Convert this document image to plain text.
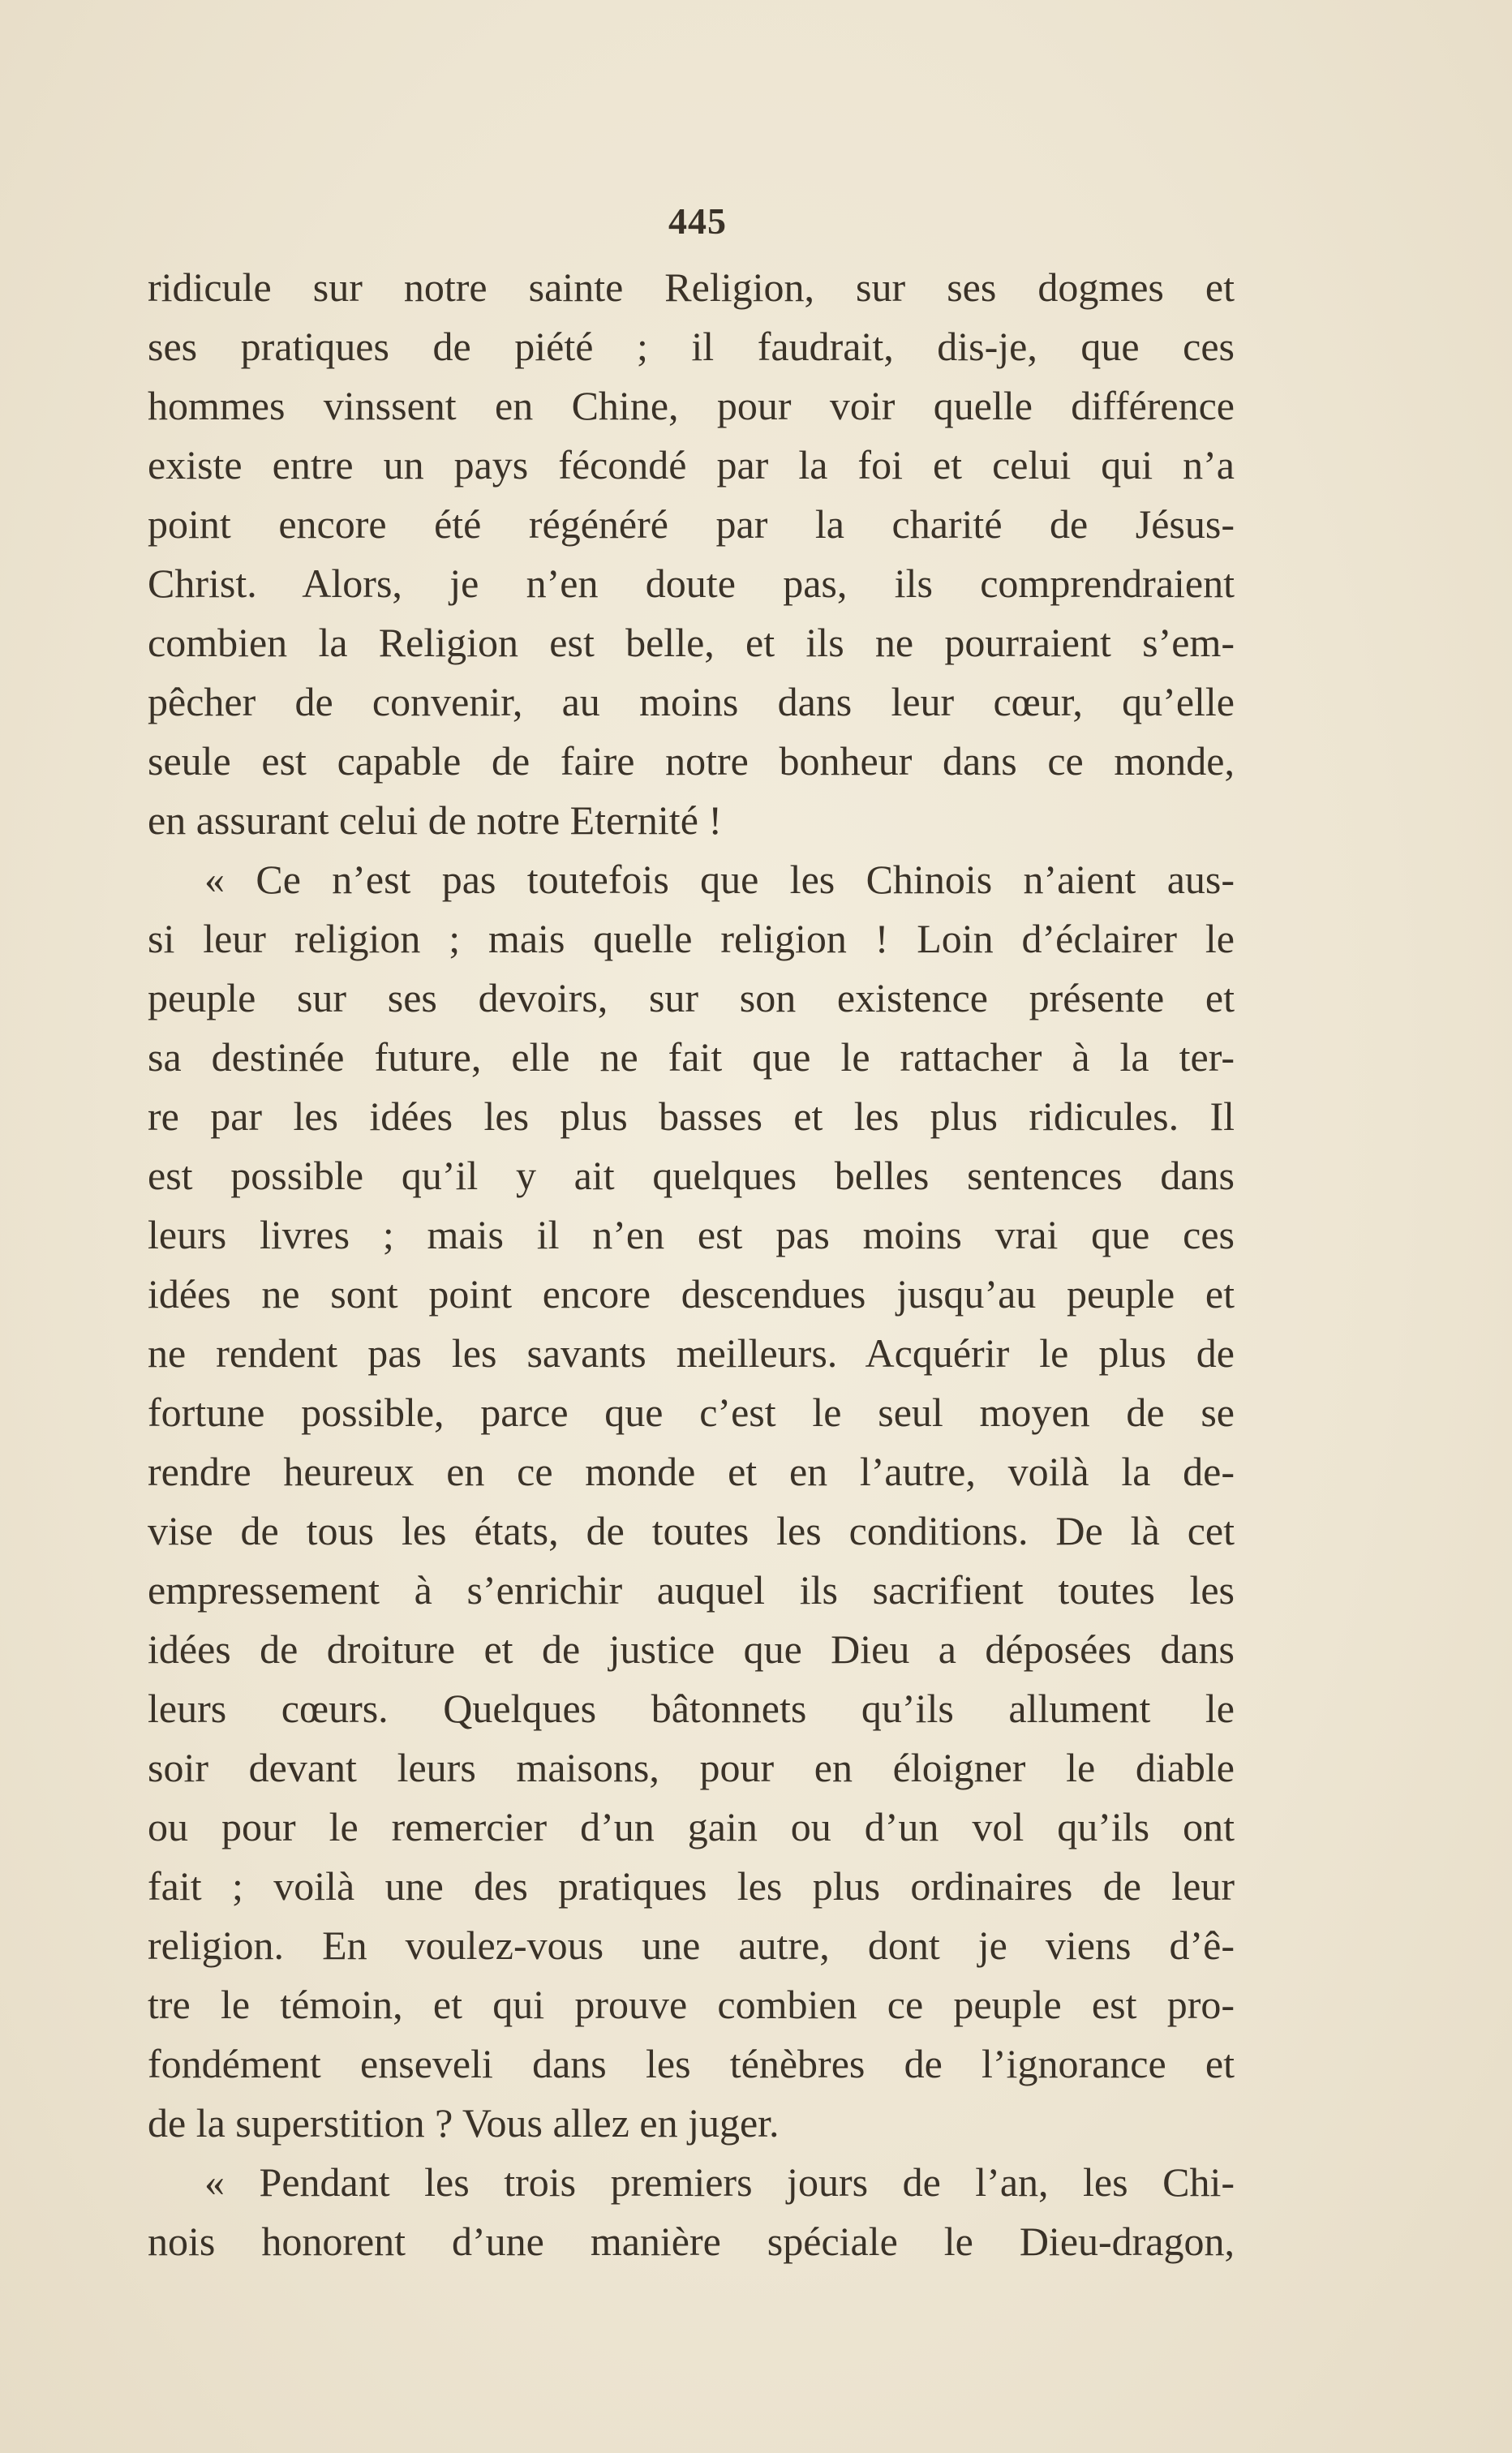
445
ridicule sur notre sainte Religion, sur ses dogmes et
ses pratiques de piété ; il faudrait, dis-je, que ces
hommes vinssent en Chine, pour voir quelle différence
existe entre un pays fécondé par la foi et celui qui n’a
point encore été régénéré par la charité de Jésus-
Christ. Alors, je n’en doute pas, ils comprendraient
combien la Religion est belle, et ils ne pourraient s’em-
pêcher de convenir, au moins dans leur cœur, qu’elle
seule est capable de faire notre bonheur dans ce monde,
en assurant celui de notre Eternité !
« Ce n’est pas toutefois que les Chinois n’aient aus-
si leur religion ; mais quelle religion ! Loin d’éclairer le
peuple sur ses devoirs, sur son existence présente et
sa destinée future, elle ne fait que le rattacher à la ter-
re par les idées les plus basses et les plus ridicules. Il
est possible qu’il y ait quelques belles sentences dans
leurs livres ; mais il n’en est pas moins vrai que ces
idées ne sont point encore descendues jusqu’au peuple et
ne rendent pas les savants meilleurs. Acquérir le plus de
fortune possible, parce que c’est le seul moyen de se
rendre heureux en ce monde et en l’autre, voilà la de-
vise de tous les états, de toutes les conditions. De là cet
empressement à s’enrichir auquel ils sacrifient toutes les
idées de droiture et de justice que Dieu a déposées dans
leurs cœurs. Quelques bâtonnets qu’ils allument le
soir devant leurs maisons, pour en éloigner le diable
ou pour le remercier d’un gain ou d’un vol qu’ils ont
fait ; voilà une des pratiques les plus ordinaires de leur
religion. En voulez-vous une autre, dont je viens d’ê-
tre le témoin, et qui prouve combien ce peuple est pro-
fondément enseveli dans les ténèbres de l’ignorance et
de la superstition ? Vous allez en juger.
« Pendant les trois premiers jours de l’an, les Chi-
nois honorent d’une manière spéciale le Dieu-dragon,
